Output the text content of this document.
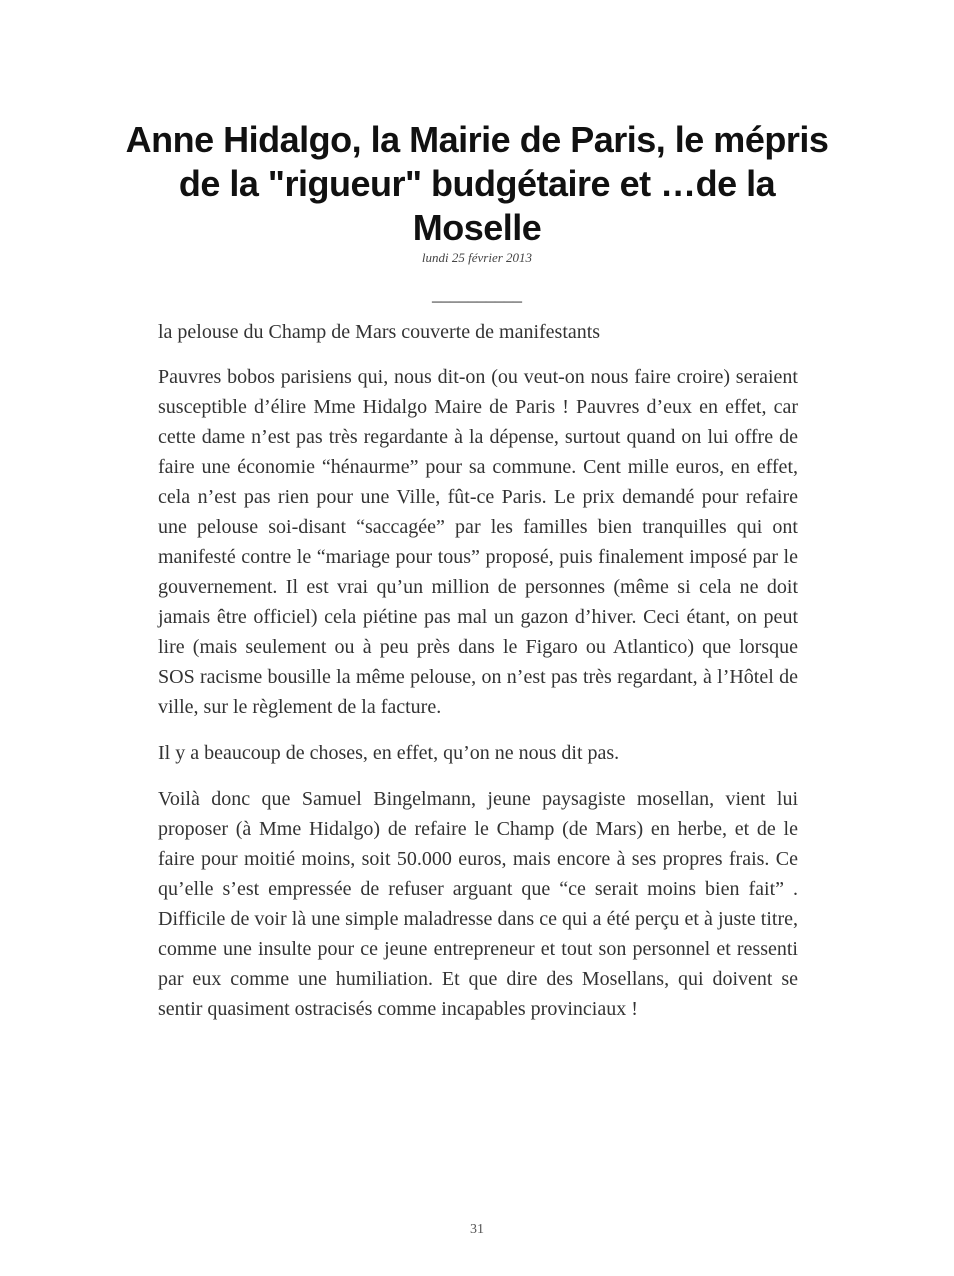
Anne Hidalgo, la Mairie de Paris, le mépris de la "rigueur" budgétaire et …de la Moselle
lundi 25 février 2013
__________
la pelouse du Champ de Mars couverte de manifestants

Pauvres bobos parisiens qui, nous dit-on (ou veut-on nous faire croire) seraient susceptible d’élire Mme Hidalgo Maire de Paris ! Pauvres d’eux en effet, car cette dame n’est pas très regardante à la dépense, surtout quand on lui offre de faire une économie “hénaurme” pour sa commune. Cent mille euros, en effet, cela n’est pas rien pour une Ville, fût-ce Paris. Le prix demandé pour refaire une pelouse soi-disant “saccagée” par les familles bien tranquilles qui ont manifesté contre le “mariage pour tous” proposé, puis finalement imposé par le gouvernement. Il est vrai qu’un million de personnes (même si cela ne doit jamais être officiel) cela piétine pas mal un gazon d’hiver. Ceci étant, on peut lire (mais seulement ou à peu près dans le Figaro ou Atlantico) que lorsque SOS racisme bousille la même pelouse, on n’est pas très regardant, à l’Hôtel de ville, sur le règlement de la facture.

Il y a beaucoup de choses, en effet, qu’on ne nous dit pas.

Voilà donc que Samuel Bingelmann, jeune paysagiste mosellan, vient lui proposer (à Mme Hidalgo) de refaire le Champ (de Mars) en herbe, et de le faire pour moitié moins, soit 50.000 euros, mais encore à ses propres frais. Ce qu’elle s’est empressée de refuser arguant que “ce serait moins bien fait” . Difficile de voir là une simple maladresse dans ce qui a été perçu et à juste titre, comme une insulte pour ce jeune entrepreneur et tout son personnel et ressenti par eux comme une humiliation. Et que dire des Mosellans, qui doivent se sentir quasiment ostracisés comme incapables provinciaux !

31
